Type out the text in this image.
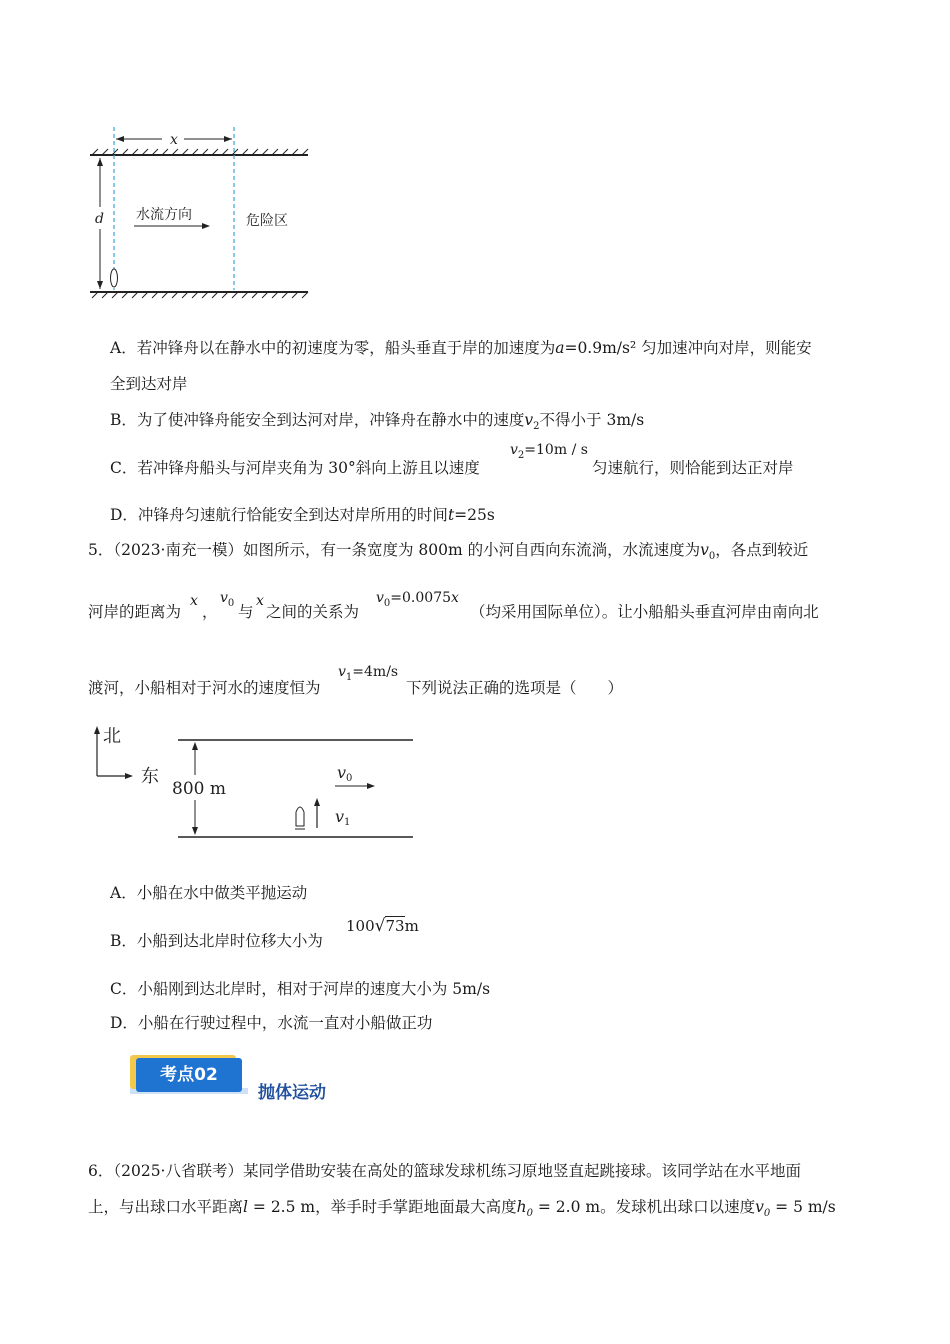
x
d 水流方向	危险区
A．若冲锋舟以在静水中的初速度为零，船头垂直于岸的加速度为a=0.9m/s² 匀加速冲向对岸，则能安
全到达对岸
B．为了使冲锋舟能安全到达河对岸，冲锋舟在静水中的速度$v_2$不得小于 3m/s
C．若冲锋舟船头与河岸夹角为 30°斜向上游且以速度
$v_2=10m / s$
匀速航行，则恰能到达正对岸
D．冲锋舟匀速航行恰能安全到达对岸所用的时间t=25s
5．（2023·南充一模）如图所示，有一条宽度为 800m 的小河自西向东流淌，水流速度为$v_0$，各点到较近
河岸的距离为
x
，
$v_0$ 与
x
之间的关系为
$v_0=0.0075x$
（均采用国际单位）。让小船船头垂直河岸由南向北
渡河，小船相对于河水的速度恒为
$v_1=4m/s$
下列说法正确的选项是（　　）
北
东
800 m
v0
v1
A．小船在水中做类平抛运动
B．小船到达北岸时位移大小为
100√73m
C．小船刚到达北岸时，相对于河岸的速度大小为 5m/s
D．小船在行驶过程中，水流一直对小船做正功
考点02
抛体运动
6．（2025·八省联考）某同学借助安装在高处的篮球发球机练习原地竖直起跳接球。该同学站在水平地面
上，与出球口水平距离l = 2.5 m，举手时手掌距地面最大高度$h_0 = 2.0$ m。发球机出球口以速度$v_0 = 5$ m/s
